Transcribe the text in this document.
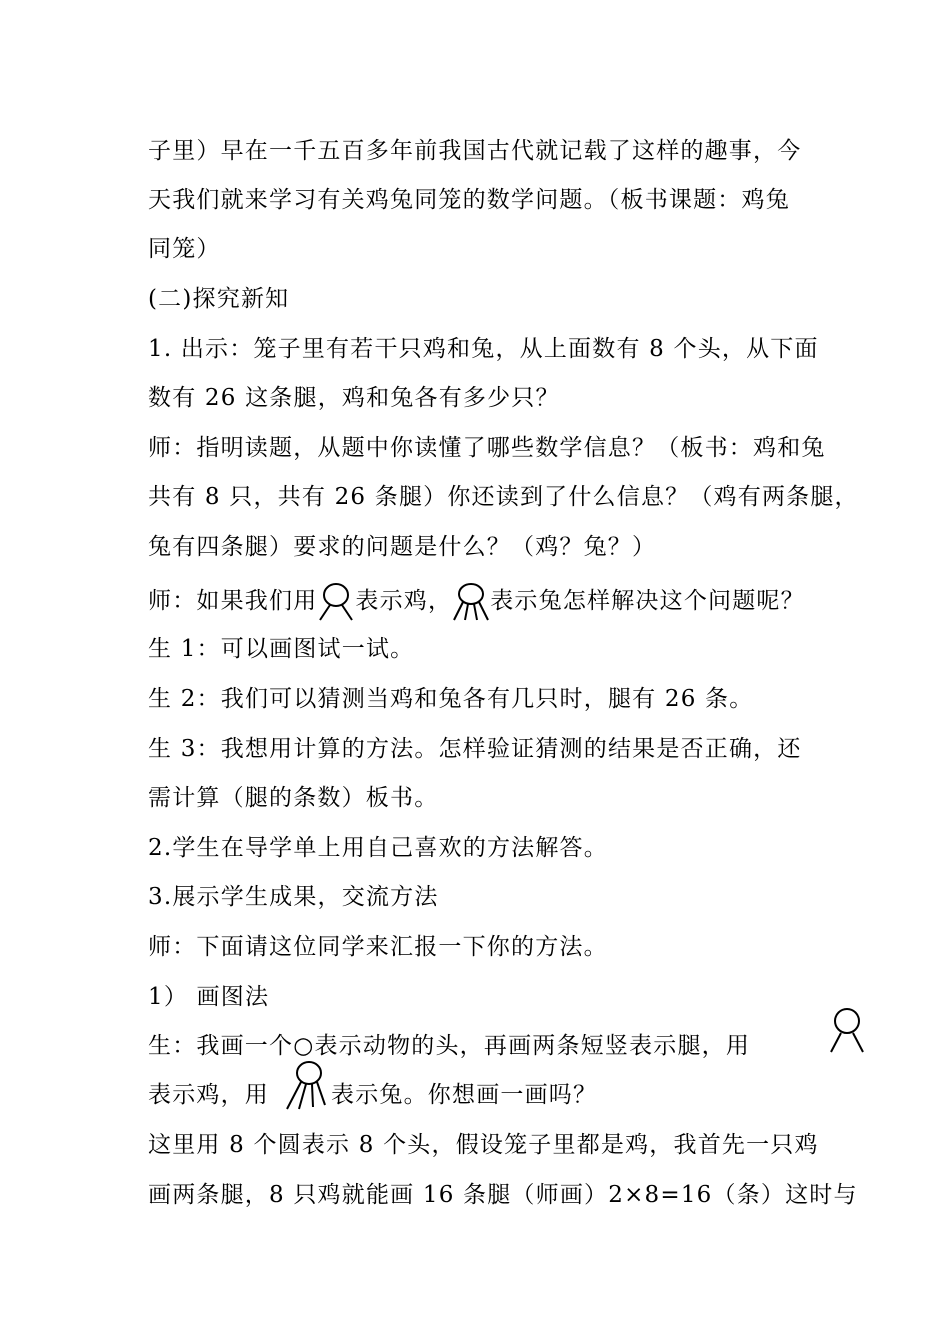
子里）早在一千五百多年前我国古代就记载了这样的趣事，今
天我们就来学习有关鸡兔同笼的数学问题。（板书课题：鸡兔
同笼）
(二)探究新知
1. 出示：笼子里有若干只鸡和兔，从上面数有 8 个头，从下面
数有 26 这条腿，鸡和兔各有多少只？
师：指明读题，从题中你读懂了哪些数学信息？（板书：鸡和兔
共有 8 只，共有 26 条腿）你还读到了什么信息？（鸡有两条腿，
兔有四条腿）要求的问题是什么？（鸡？兔？）
师：如果我们用 表示鸡， 表示兔怎样解决这个问题呢？
生 1：可以画图试一试。
生 2：我们可以猜测当鸡和兔各有几只时，腿有 26 条。
生 3：我想用计算的方法。怎样验证猜测的结果是否正确，还
需计算（腿的条数）板书。
2.学生在导学单上用自己喜欢的方法解答。
3.展示学生成果，交流方法
师：下面请这位同学来汇报一下你的方法。
1） 画图法
生：我画一个○表示动物的头，再画两条短竖表示腿，用
表示鸡，用	表示兔。你想画一画吗？
这里用 8 个圆表示 8 个头，假设笼子里都是鸡，我首先一只鸡
画两条腿，8 只鸡就能画 16 条腿（师画）2×8=16（条）这时与
